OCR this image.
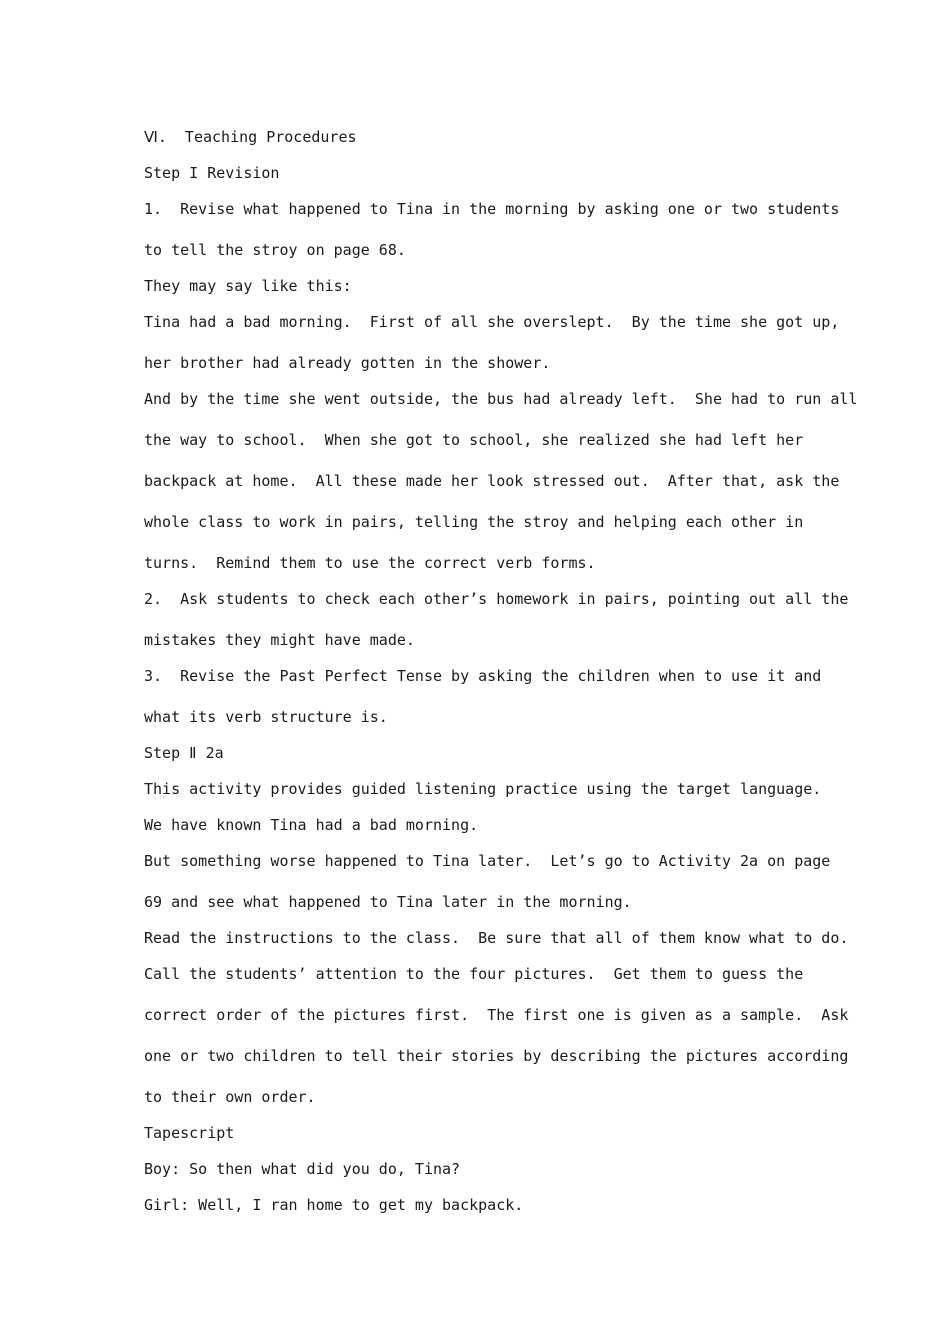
Ⅵ.  Teaching Procedures

Step I Revision

1.  Revise what happened to Tina in the morning by asking one or two students

to tell the stroy on page 68.

They may say like this:

Tina had a bad morning.  First of all she overslept.  By the time she got up,

her brother had already gotten in the shower.

And by the time she went outside, the bus had already left.  She had to run all

the way to school.  When she got to school, she realized she had left her

backpack at home.  All these made her look stressed out.  After that, ask the

whole class to work in pairs, telling the stroy and helping each other in

turns.  Remind them to use the correct verb forms.

2.  Ask students to check each other’s homework in pairs, pointing out all the

mistakes they might have made.

3.  Revise the Past Perfect Tense by asking the children when to use it and

what its verb structure is.

Step Ⅱ 2a

This activity provides guided listening practice using the target language.

We have known Tina had a bad morning.

But something worse happened to Tina later.  Let’s go to Activity 2a on page

69 and see what happened to Tina later in the morning.

Read the instructions to the class.  Be sure that all of them know what to do.

Call the students’ attention to the four pictures.  Get them to guess the

correct order of the pictures first.  The first one is given as a sample.  Ask

one or two children to tell their stories by describing the pictures according

to their own order.

Tapescript

Boy: So then what did you do, Tina?

Girl: Well, I ran home to get my backpack.
